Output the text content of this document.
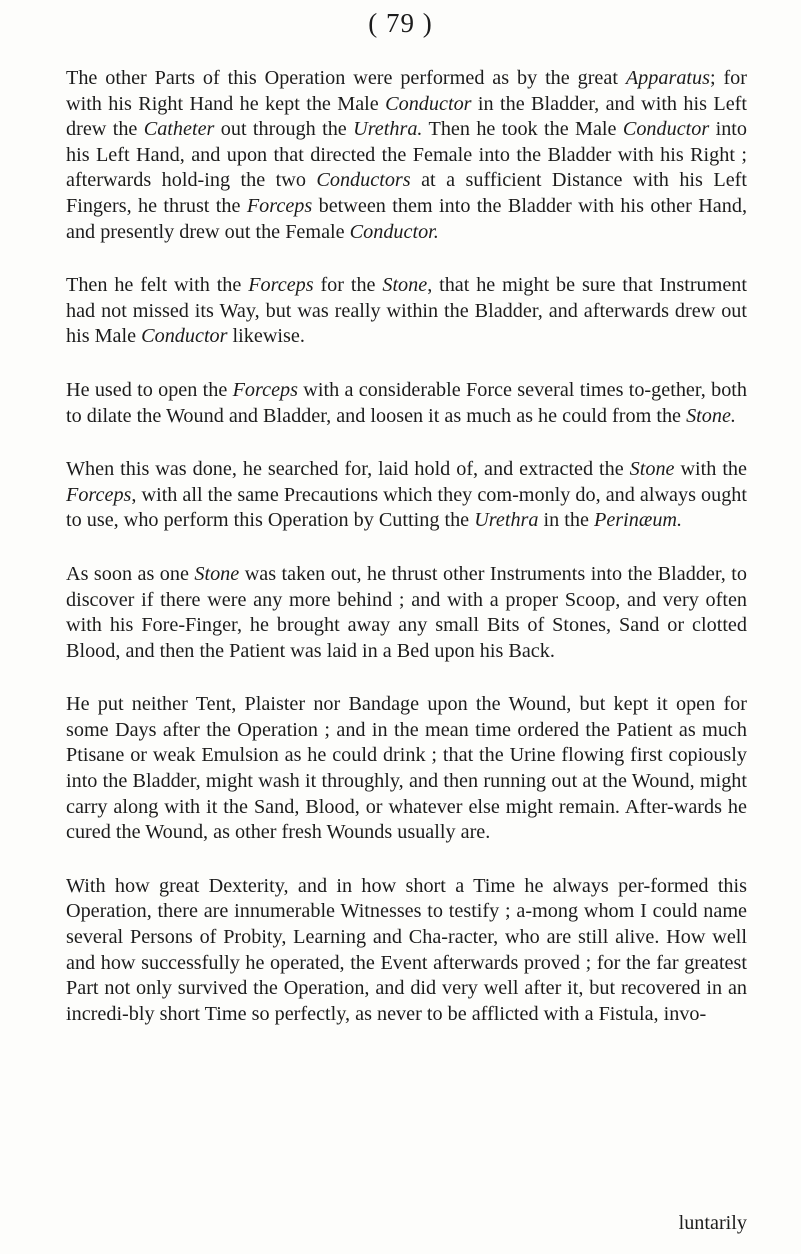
( 79 )

The other Parts of this Operation were performed as by the great Apparatus; for with his Right Hand he kept the Male Conductor in the Bladder, and with his Left drew the Catheter out through the Urethra. Then he took the Male Conductor into his Left Hand, and upon that directed the Female into the Bladder with his Right ; afterwards hold-ing the two Conductors at a sufficient Distance with his Left Fingers, he thrust the Forceps between them into the Bladder with his other Hand, and presently drew out the Female Conductor.

Then he felt with the Forceps for the Stone, that he might be sure that Instrument had not missed its Way, but was really within the Bladder, and afterwards drew out his Male Conductor likewise.

He used to open the Forceps with a considerable Force several times to-gether, both to dilate the Wound and Bladder, and loosen it as much as he could from the Stone.

When this was done, he searched for, laid hold of, and extracted the Stone with the Forceps, with all the same Precautions which they com-monly do, and always ought to use, who perform this Operation by Cutting the Urethra in the Perinæum.

As soon as one Stone was taken out, he thrust other Instruments into the Bladder, to discover if there were any more behind ; and with a proper Scoop, and very often with his Fore-Finger, he brought away any small Bits of Stones, Sand or clotted Blood, and then the Patient was laid in a Bed upon his Back.

He put neither Tent, Plaister nor Bandage upon the Wound, but kept it open for some Days after the Operation ; and in the mean time ordered the Patient as much Ptisane or weak Emulsion as he could drink ; that the Urine flowing first copiously into the Bladder, might wash it throughly, and then running out at the Wound, might carry along with it the Sand, Blood, or whatever else might remain. After-wards he cured the Wound, as other fresh Wounds usually are.

With how great Dexterity, and in how short a Time he always per-formed this Operation, there are innumerable Witnesses to testify ; a-mong whom I could name several Persons of Probity, Learning and Cha-racter, who are still alive. How well and how successfully he operated, the Event afterwards proved ; for the far greatest Part not only survived the Operation, and did very well after it, but recovered in an incredi-bly short Time so perfectly, as never to be afflicted with a Fistula, invo-

luntarily
